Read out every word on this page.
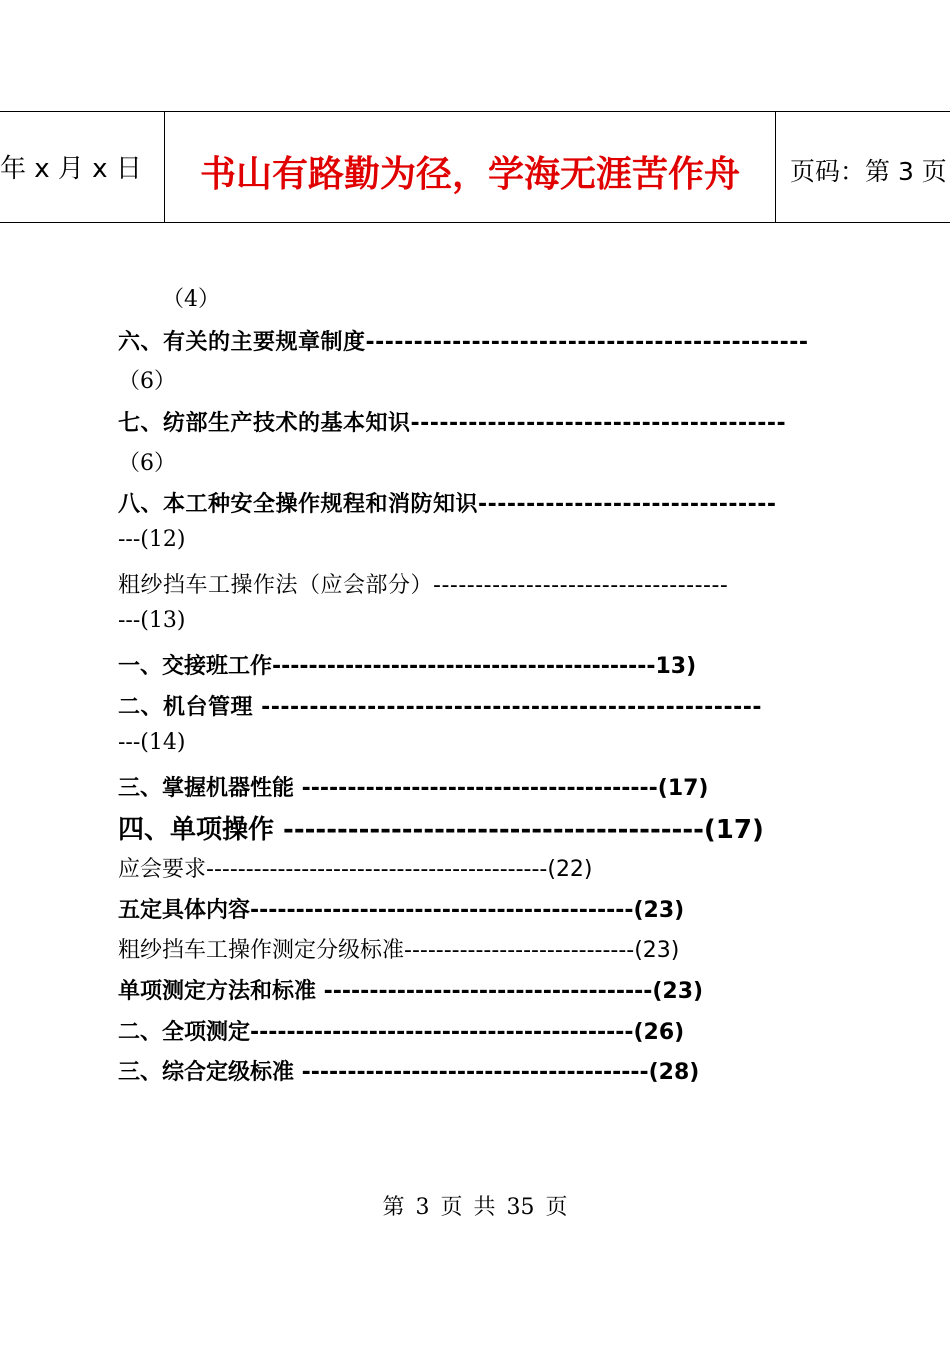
年 x 月 x 日	书山有路勤为径，学海无涯苦作舟	页码：第 3 页
（4）
六、有关的主要规章制度----------------------------------------------
（6）
七、纺部生产技术的基本知识---------------------------------------
（6）
八、本工种安全操作规程和消防知识-------------------------------
---(12)
粗纱挡车工操作法（应会部分）-----------------------------------
---(13)
一、交接班工作------------------------------------------13)
二、机台管理 ----------------------------------------------------
---(14)
三、掌握机器性能 ---------------------------------------(17)
四、单项操作 ---------------------------------------(17)
应会要求-------------------------------------------(22)
五定具体内容------------------------------------------(23)
粗纱挡车工操作测定分级标准-----------------------------(23)
单项测定方法和标准 ------------------------------------(23)
二、全项测定------------------------------------------(26)
三、综合定级标准 --------------------------------------(28)
第 3 页 共 35 页
